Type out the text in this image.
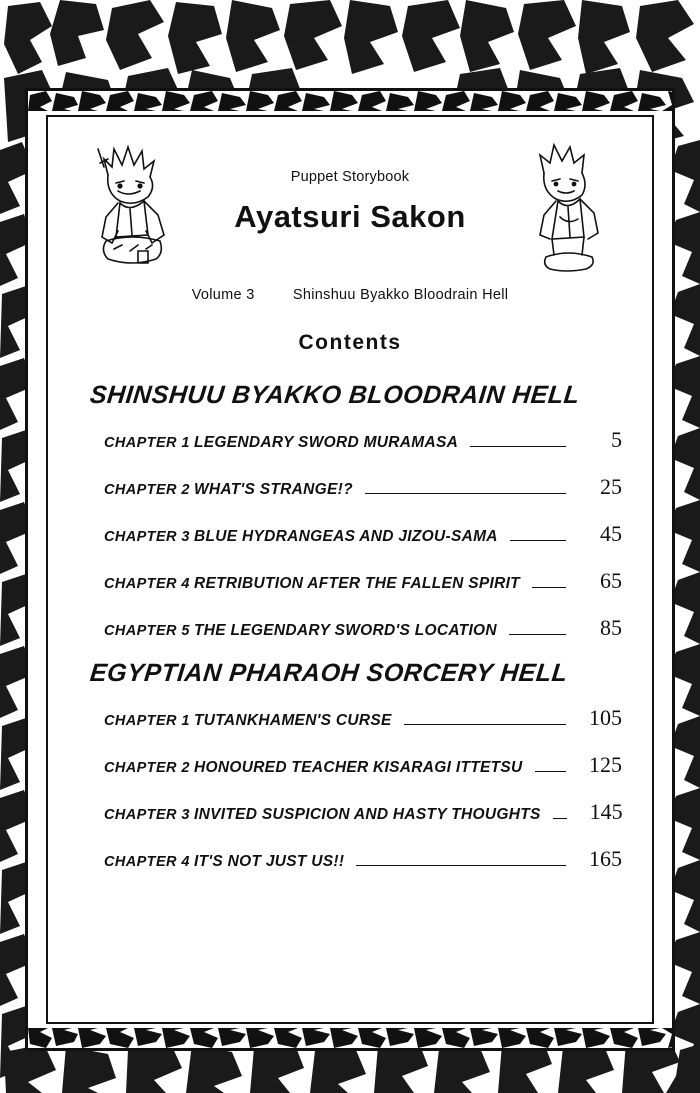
Puppet Storybook
Ayatsuri Sakon
Volume 3	Shinshuu Byakko Bloodrain Hell
Contents
SHINSHUU BYAKKO BLOODRAIN HELL
CHAPTER 1 LEGENDARY SWORD MURAMASA	5
CHAPTER 2 WHAT'S STRANGE!?	25
CHAPTER 3 BLUE HYDRANGEAS AND JIZOU-SAMA	45
CHAPTER 4 RETRIBUTION AFTER THE FALLEN SPIRIT	65
CHAPTER 5 THE LEGENDARY SWORD'S LOCATION	85
EGYPTIAN PHARAOH SORCERY HELL
CHAPTER 1 TUTANKHAMEN'S CURSE	105
CHAPTER 2 HONOURED TEACHER KISARAGI ITTETSU	125
CHAPTER 3 INVITED SUSPICION AND HASTY THOUGHTS	145
CHAPTER 4 IT'S NOT JUST US!!	165
